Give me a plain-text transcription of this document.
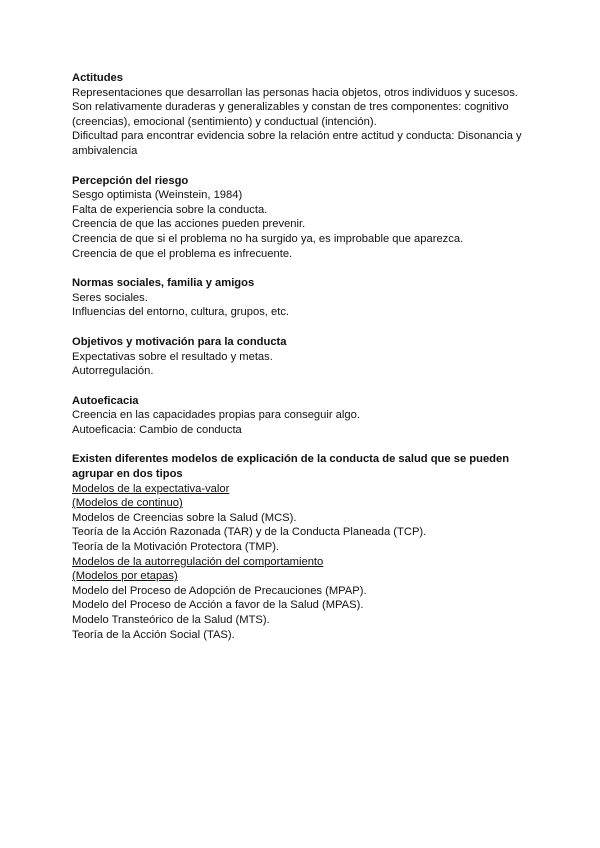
Actitudes
Representaciones que desarrollan las personas hacia objetos, otros individuos y sucesos.
Son relativamente duraderas y generalizables y constan de tres componentes: cognitivo (creencias), emocional (sentimiento) y conductual (intención).
Dificultad para encontrar evidencia sobre la relación entre actitud y conducta: Disonancia y ambivalencia
Percepción del riesgo
Sesgo optimista (Weinstein, 1984)
Falta de experiencia sobre la conducta.
Creencia de que las acciones pueden prevenir.
Creencia de que si el problema no ha surgido ya, es improbable que aparezca.
Creencia de que el problema es infrecuente.
Normas sociales, familia y amigos
Seres sociales.
Influencias del entorno, cultura, grupos, etc.
Objetivos y motivación para la conducta
Expectativas sobre el resultado y metas.
Autorregulación.
Autoeficacia
Creencia en las capacidades propias para conseguir algo.
Autoeficacia: Cambio de conducta
Existen diferentes modelos de explicación de la conducta de salud que se pueden agrupar en dos tipos
Modelos de la expectativa-valor
(Modelos de continuo)
Modelos de Creencias sobre la Salud (MCS).
Teoría de la Acción Razonada (TAR) y de la Conducta Planeada (TCP).
Teoría de la Motivación Protectora (TMP).
Modelos de la autorregulación del comportamiento
(Modelos por etapas)
Modelo del Proceso de Adopción de Precauciones (MPAP).
Modelo del Proceso de Acción a favor de la Salud (MPAS).
Modelo Transteórico de la Salud (MTS).
Teoría de la Acción Social (TAS).
